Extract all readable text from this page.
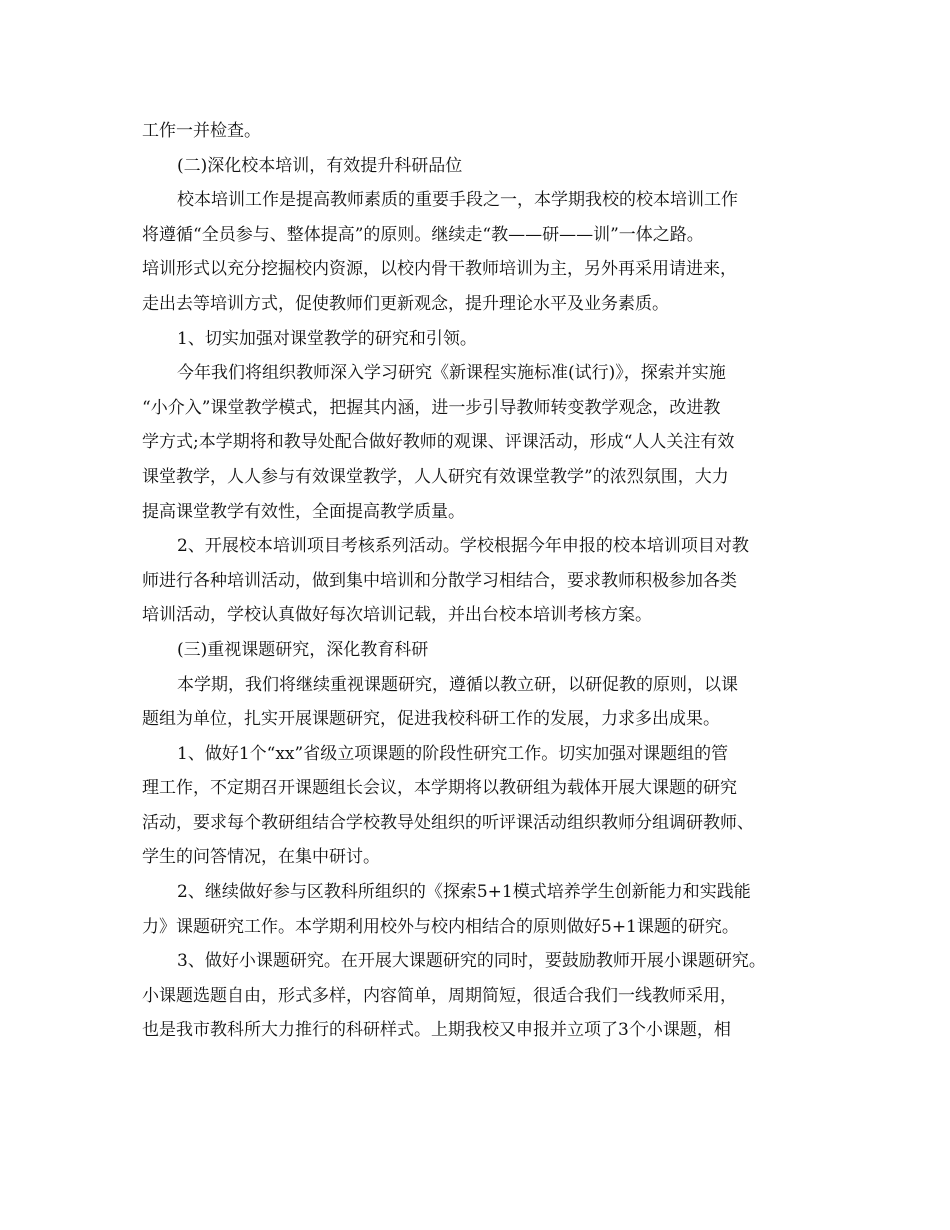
工作一并检查。
(二)深化校本培训，有效提升科研品位
校本培训工作是提高教师素质的重要手段之一，本学期我校的校本培训工作
将遵循“全员参与、整体提高”的原则。继续走“教——研——训”一体之路。
培训形式以充分挖掘校内资源，以校内骨干教师培训为主，另外再采用请进来，
走出去等培训方式，促使教师们更新观念，提升理论水平及业务素质。
1、切实加强对课堂教学的研究和引领。
今年我们将组织教师深入学习研究《新课程实施标准(试行)》，探索并实施
“小介入”课堂教学模式，把握其内涵，进一步引导教师转变教学观念，改进教
学方式;本学期将和教导处配合做好教师的观课、评课活动，形成“人人关注有效
课堂教学，人人参与有效课堂教学，人人研究有效课堂教学”的浓烈氛围，大力
提高课堂教学有效性，全面提高教学质量。
2、开展校本培训项目考核系列活动。学校根据今年申报的校本培训项目对教
师进行各种培训活动，做到集中培训和分散学习相结合，要求教师积极参加各类
培训活动，学校认真做好每次培训记载，并出台校本培训考核方案。
(三)重视课题研究，深化教育科研
本学期，我们将继续重视课题研究，遵循以教立研，以研促教的原则，以课
题组为单位，扎实开展课题研究，促进我校科研工作的发展，力求多出成果。
1、做好1个“xx”省级立项课题的阶段性研究工作。切实加强对课题组的管
理工作，不定期召开课题组长会议，本学期将以教研组为载体开展大课题的研究
活动，要求每个教研组结合学校教导处组织的听评课活动组织教师分组调研教师、
学生的问答情况，在集中研讨。
2、继续做好参与区教科所组织的《探索5+1模式培养学生创新能力和实践能
力》课题研究工作。本学期利用校外与校内相结合的原则做好5+1课题的研究。
3、做好小课题研究。在开展大课题研究的同时，要鼓励教师开展小课题研究。
小课题选题自由，形式多样，内容简单，周期简短，很适合我们一线教师采用，
也是我市教科所大力推行的科研样式。上期我校又申报并立项了3个小课题，相
